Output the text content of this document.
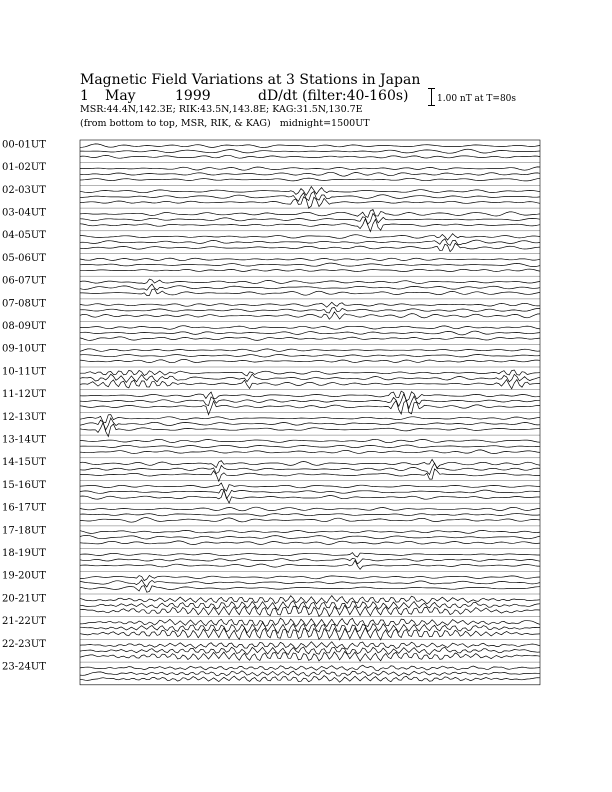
Magnetic Field Variations at 3 Stations in Japan
1 May	1999	dD/dt (filter:40-160s)
MSR:44.4N,142.3E; RIK:43.5N,143.8E; KAG:31.5N,130.7E
(from bottom to top, MSR, RIK, & KAG) midnight=1500UT
1.00 nT at T=80s
00-01UT
01-02UT
02-03UT
03-04UT
04-05UT
05-06UT
06-07UT
07-08UT
08-09UT
09-10UT
10-11UT
11-12UT
12-13UT
13-14UT
14-15UT
15-16UT
16-17UT
17-18UT
18-19UT
19-20UT
20-21UT
21-22UT
22-23UT
23-24UT
